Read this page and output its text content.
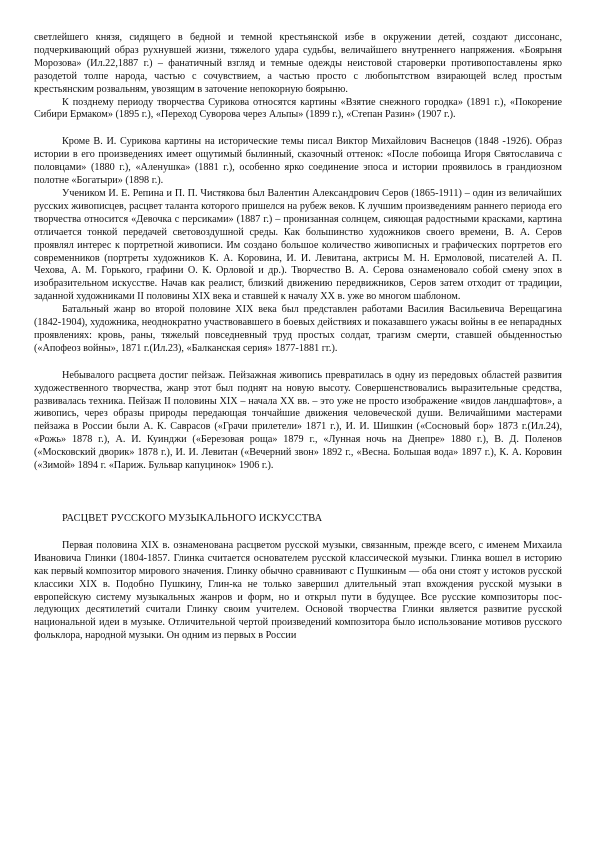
светлейшего князя, сидящего в бедной и темной крестьянской избе в окружении детей, создают диссонанс, подчеркивающий образ рухнувшей жизни, тяжелого удара судьбы, величайшего внутреннего напряжения. «Боярыня Морозова» (Ил.22,1887 г.) – фанатичный взгляд и темные одежды неистовой староверки противопоставлены ярко разодетой толпе народа, частью с сочувствием, а частью просто с любопытством взирающей вслед простым крестьянским розвальням, увозящим в заточение непокорную боярыню.

К позднему периоду творчества Сурикова относятся картины «Взятие снежного городка» (1891 г.), «Покорение Сибири Ермаком» (1895 г.), «Переход Суворова через Альпы» (1899 г.), «Степан Разин» (1907 г.).

Кроме В. И. Сурикова картины на исторические темы писал Виктор Михайлович Васнецов (1848 -1926). Образ истории в его произведениях имеет ощутимый былинный, сказочный оттенок: «После побоища Игоря Святославича с половцами» (1880 г.), «Аленушка» (1881 г.), особенно ярко соединение эпоса и истории проявилось в грандиозном полотне «Богатыри» (1898 г.).

Учеником И. Е. Репина и П. П. Чистякова был Валентин Александрович Серов (1865-1911) – один из величайших русских живописцев, расцвет таланта которого пришелся на рубеж веков. К лучшим произведениям раннего периода его творчества относится «Девочка с персиками» (1887 г.) – пронизанная солнцем, сияющая радостными красками, картина отличается тонкой передачей световоздушной среды. Как большинство художников своего времени, В. А. Серов проявлял интерес к портретной живописи. Им создано большое количество живописных и графических портретов его современников (портреты художников К. А. Коровина, И. И. Левитана, актрисы М. Н. Ермоловой, писателей А. П. Чехова, А. М. Горького, графини О. К. Орловой и др.). Творчество В. А. Серова ознаменовало собой смену эпох в изобразительном искусстве. Начав как реалист, близкий движению передвижников, Серов затем отходит от традиции, заданной художниками II половины XIX века и ставшей к началу XX в. уже во многом шаблоном.

Батальный жанр во второй половине XIX века был представлен работами Василия Васильевича Верещагина (1842-1904), художника, неоднократно участвовавшего в боевых действиях и показавшего ужасы войны в ее непарадных проявлениях: кровь, раны, тяжелый повседневный труд простых солдат, трагизм смерти, ставшей обыденностью («Апофеоз войны», 1871 г.(Ил.23), «Балканская серия» 1877-1881 гг.).

Небывалого расцвета достиг пейзаж. Пейзажная живопись превратилась в одну из передовых областей развития художественного творчества, жанр этот был поднят на новую высоту. Совершенствовались выразительные средства, развивалась техника. Пейзаж II половины XIX – начала XX вв. – это уже не просто изображение «видов ландшафтов», а живопись, через образы природы передающая тончайшие движения человеческой души. Величайшими мастерами пейзажа в России были А. К. Саврасов («Грачи прилетели» 1871 г.), И. И. Шишкин («Сосновый бор» 1873 г.(Ил.24), «Рожь» 1878 г.), А. И. Куинджи («Березовая роща» 1879 г., «Лунная ночь на Днепре» 1880 г.), В. Д. Поленов («Московский дворик» 1878 г.), И. И. Левитан («Вечерний звон» 1892 г., «Весна. Большая вода» 1897 г.), К. А. Коровин («Зимой» 1894 г. «Париж. Бульвар капуцинок» 1906 г.).

РАСЦВЕТ РУССКОГО МУЗЫКАЛЬНОГО ИСКУССТВА

Первая половина XIX в. ознаменована расцветом русской музыки, связанным, прежде всего, с именем Михаила Ивановича Глинки (1804-1857. Глинка считается основателем русской классической музыки. Глинка вошел в историю как первый композитор мирового значения. Глинку обычно сравнивают с Пушкиным — оба они стоят у истоков русской классики XIX в. Подобно Пушкину, Глин-ка не только завершил длительный этап вхождения русской музыки в европейскую систему музыкальных жанров и форм, но и открыл пути в будущее. Все русские композиторы пос-ледующих десятилетий считали Глинку своим учителем. Основой творчества Глинки является развитие русской национальной идеи в музыке. Отличительной чертой произведений композитора было использование мотивов русского фольклора, народной музыки. Он одним из первых в России
